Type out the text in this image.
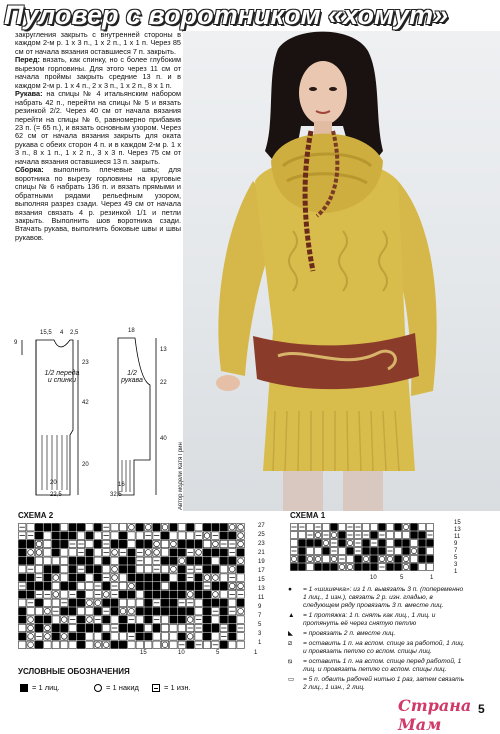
Пуловер с воротником «хомут»

закругления закрыть с внутренней стороны в каждом 2-м р. 1 х 3 п., 1 х 2 п., 1 х 1 п. Через 85 см от начала вязания оставшиеся 7 п. закрыть.

Перед: вязать, как спинку, но с более глубоким вырезом горловины. Для этого через 11 см от начала проймы закрыть средние 13 п. и в каждом 2-м р. 1 х 4 п., 2 х 3 п., 1 х 2 п., 8 х 1 п.

Рукава: на спицы № 4 итальянским набором набрать 42 п., перейти на спицы № 5 и вязать резинкой 2/2. Через 40 см от начала вязания перейти на спицы № 6, равномерно прибавив 23 п. (= 65 п.), и вязать основным узором. Через 62 см от начала вязания закрыть для оката рукава с обеих сторон 4 п. и в каждом 2-м р. 1 х 3 п., 8 х 1 п., 1 х 2 п., 3 х 3 п. Через 75 см от начала вязания оставшиеся 13 п. закрыть.

Сборка: выполнить плечевые швы; для воротника по вырезу горловины на круговые спицы № 6 набрать 136 п. и вязать прямыми и обратными рядами рельефным узором, выполняя разрез сзади. Через 49 см от начала вязания связать 4 р. резинкой 1/1 и петли закрыть. Выполнить шов воротника сзади. Втачать рукава, выполнить боковые швы и швы рукавов.

Автор модели Катя Грин
1/2 переда и спинки
1/2 рукава
15,5 4 2,5
9
23
42
20
20
22,5
18
13
22
40
16
32,5
СХЕМА 2
27
25
23
21
19
17
15
13
11
9
7
5
3
1
15	10	5	1
СХЕМА 1
15
13
11
9
7
5
3
1
10	5	1
УСЛОВНЫЕ ОБОЗНАЧЕНИЯ
= 1 лиц.	= 1 накид	= 1 изн.
●	= 1 «шишечка»: из 1 п. вывязать 3 п. (попеременно 1 лиц., 1 изн.), связать 2 р. изн. гладью, в следующем ряду провязать 3 п. вместе лиц.
▲	= 1 протяжка: 1 п. снять как лиц., 1 лиц. и протянуть её через снятую петлю
◣	= провязать 2 п. вместе лиц.
⧄	= оставить 1 п. на вспом. спице за работой, 1 лиц. и провязать петлю со вспом. спицы лиц.
⧅	= оставить 1 п. на вспом. спице перед работой, 1 лиц. и провязать петлю со вспом. спицы лиц.
▭	= 5 п. обвить рабочей нитью 1 раз, затем связать 2 лиц., 1 изн., 2 лиц.
Страна Мам
5
